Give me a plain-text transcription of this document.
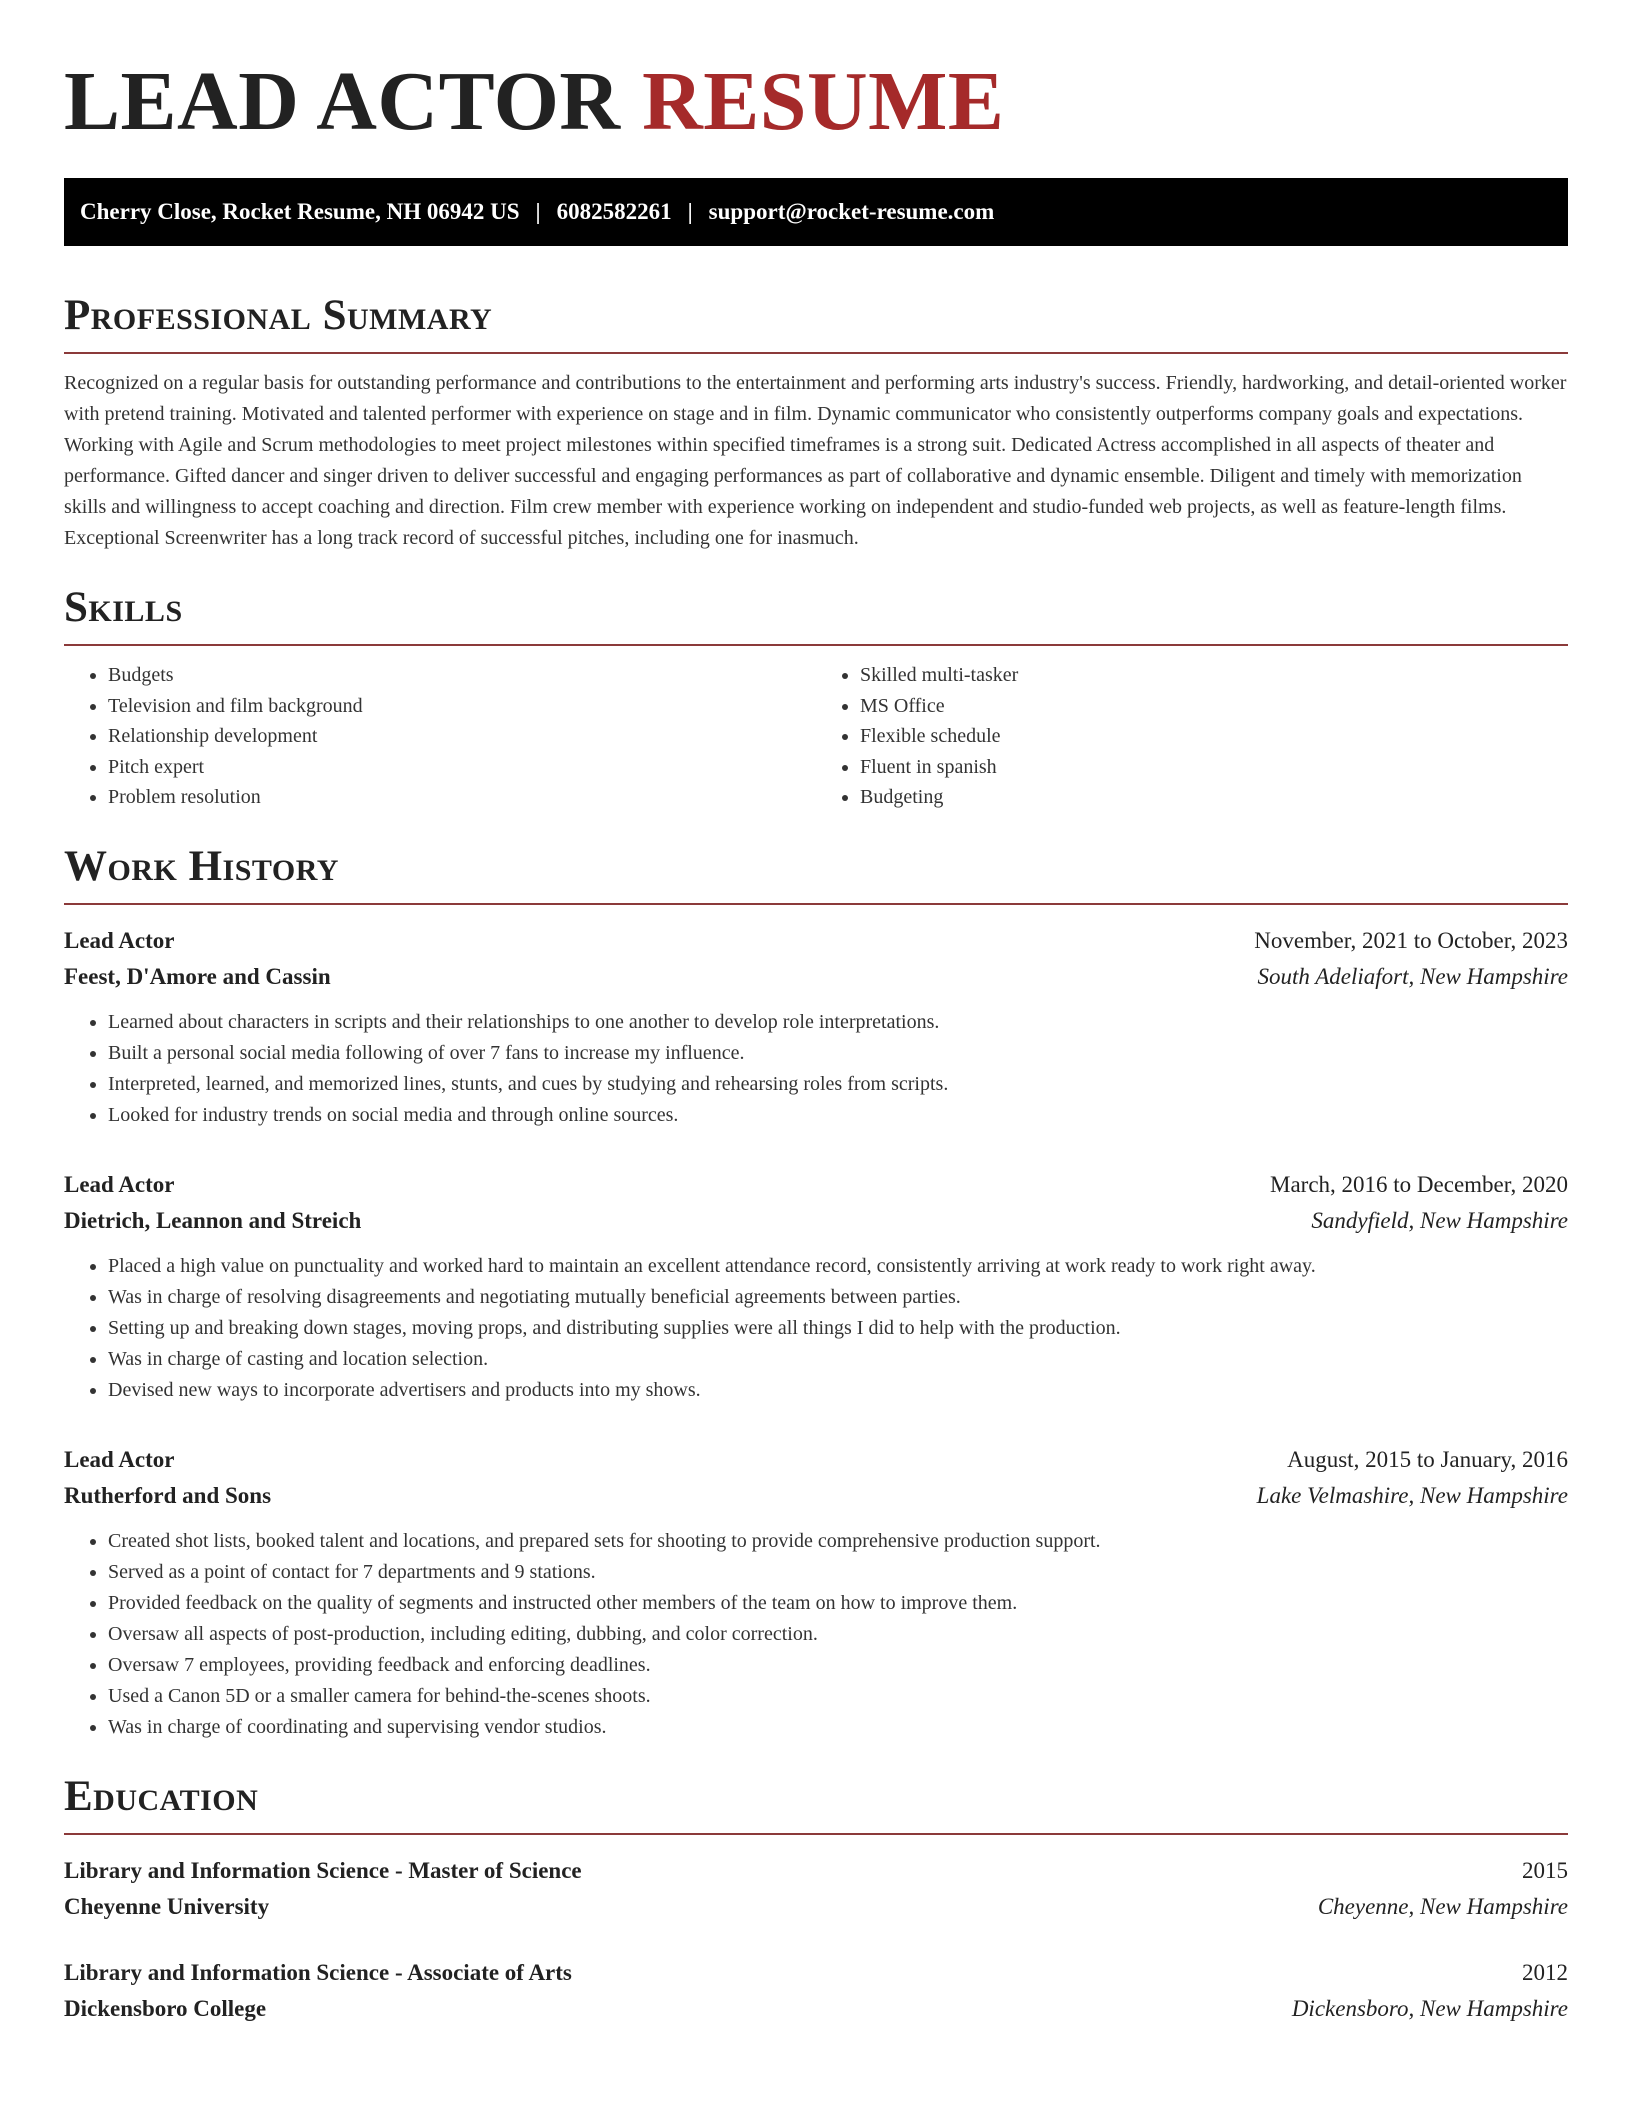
LEAD ACTOR RESUME
Cherry Close, Rocket Resume, NH 06942 US | 6082582261 | support@rocket-resume.com
Professional Summary

Recognized on a regular basis for outstanding performance and contributions to the entertainment and performing arts industry's success. Friendly, hardworking, and detail-oriented worker with pretend training. Motivated and talented performer with experience on stage and in film. Dynamic communicator who consistently outperforms company goals and expectations. Working with Agile and Scrum methodologies to meet project milestones within specified timeframes is a strong suit. Dedicated Actress accomplished in all aspects of theater and performance. Gifted dancer and singer driven to deliver successful and engaging performances as part of collaborative and dynamic ensemble. Diligent and timely with memorization skills and willingness to accept coaching and direction. Film crew member with experience working on independent and studio-funded web projects, as well as feature-length films. Exceptional Screenwriter has a long track record of successful pitches, including one for inasmuch.

Skills
• Budgets
• Television and film background
• Relationship development
• Pitch expert
• Problem resolution
• Skilled multi-tasker
• MS Office
• Flexible schedule
• Fluent in spanish
• Budgeting
Work History
Lead Actor	November, 2021 to October, 2023
Feest, D'Amore and Cassin	South Adeliafort, New Hampshire
• Learned about characters in scripts and their relationships to one another to develop role interpretations.
• Built a personal social media following of over 7 fans to increase my influence.
• Interpreted, learned, and memorized lines, stunts, and cues by studying and rehearsing roles from scripts.
• Looked for industry trends on social media and through online sources.
Lead Actor	March, 2016 to December, 2020
Dietrich, Leannon and Streich	Sandyfield, New Hampshire
• Placed a high value on punctuality and worked hard to maintain an excellent attendance record, consistently arriving at work ready to work right away.
• Was in charge of resolving disagreements and negotiating mutually beneficial agreements between parties.
• Setting up and breaking down stages, moving props, and distributing supplies were all things I did to help with the production.
• Was in charge of casting and location selection.
• Devised new ways to incorporate advertisers and products into my shows.
Lead Actor	August, 2015 to January, 2016
Rutherford and Sons	Lake Velmashire, New Hampshire
• Created shot lists, booked talent and locations, and prepared sets for shooting to provide comprehensive production support.
• Served as a point of contact for 7 departments and 9 stations.
• Provided feedback on the quality of segments and instructed other members of the team on how to improve them.
• Oversaw all aspects of post-production, including editing, dubbing, and color correction.
• Oversaw 7 employees, providing feedback and enforcing deadlines.
• Used a Canon 5D or a smaller camera for behind-the-scenes shoots.
• Was in charge of coordinating and supervising vendor studios.
Education
Library and Information Science - Master of Science	2015
Cheyenne University	Cheyenne, New Hampshire
Library and Information Science - Associate of Arts	2012
Dickensboro College	Dickensboro, New Hampshire
